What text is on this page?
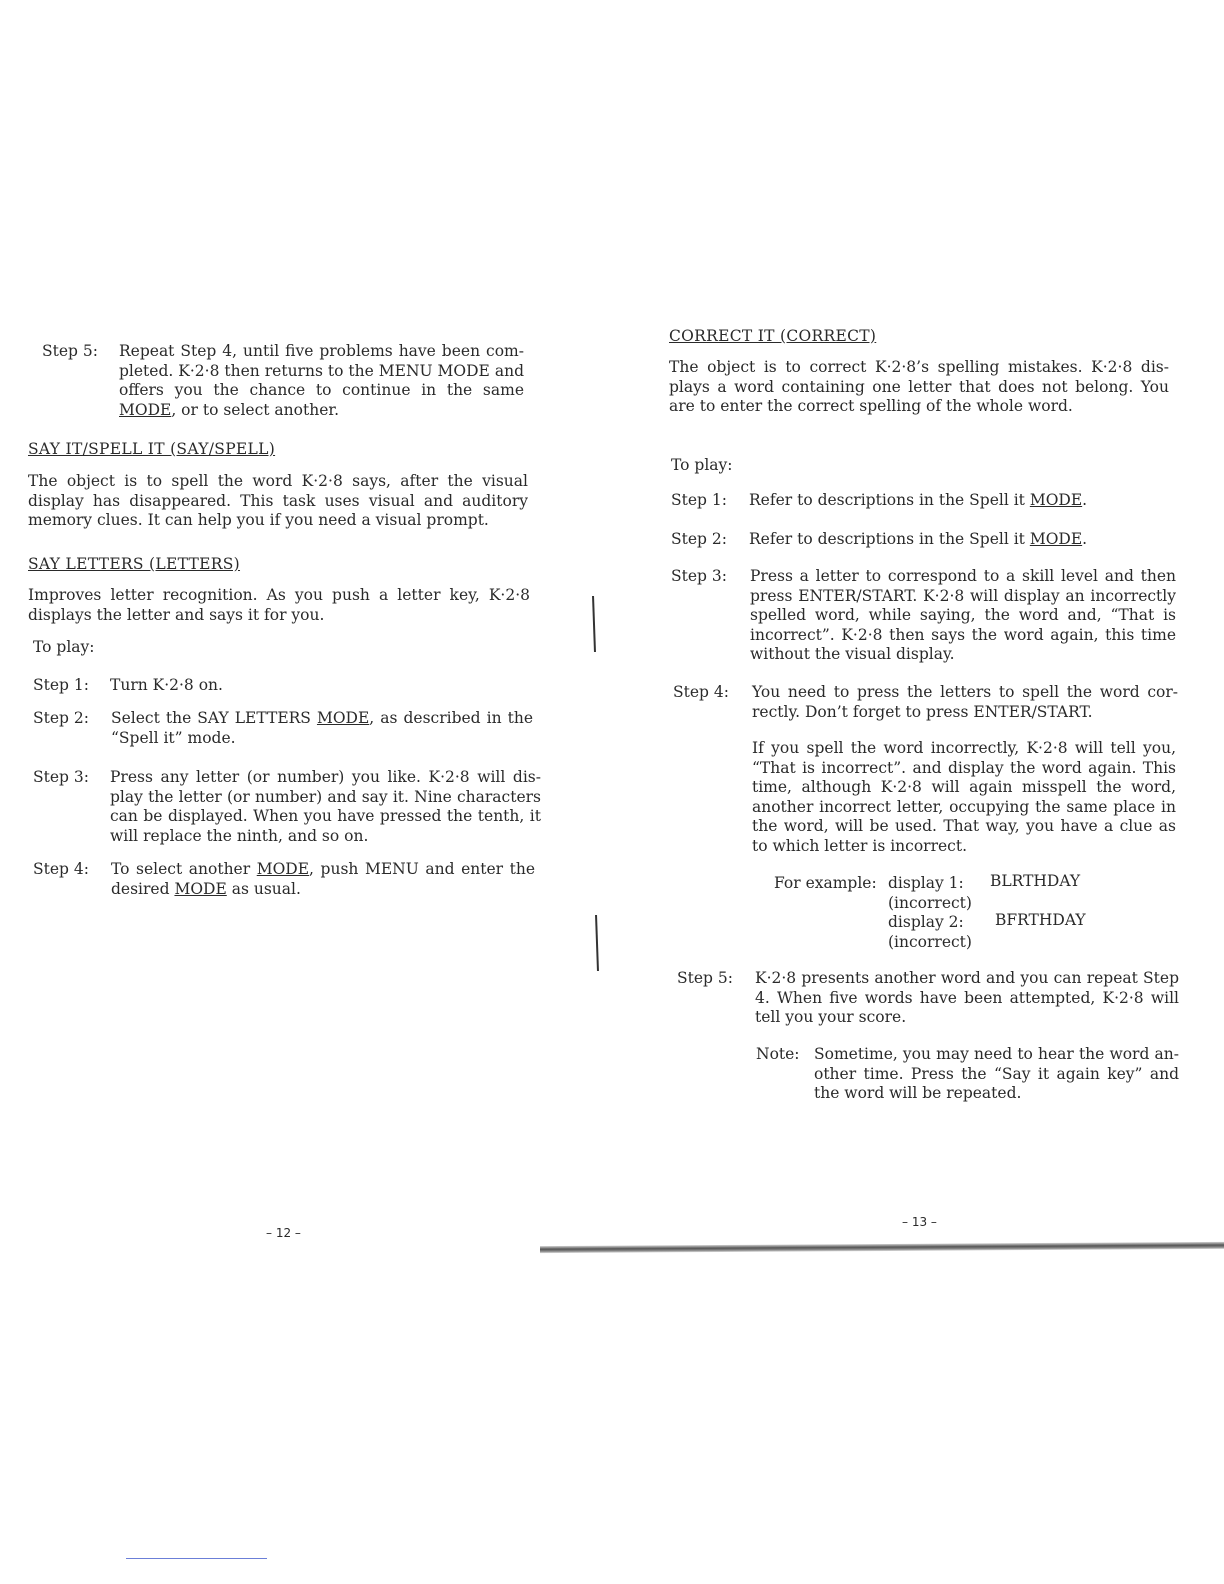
Step 5:	Repeat Step 4, until five problems have been completed. K·2·8 then returns to the MENU MODE and offers you the chance to continue in the same MODE, or to select another.
SAY IT/SPELL IT (SAY/SPELL)
The object is to spell the word K·2·8 says, after the visual display has disappeared. This task uses visual and auditory memory clues. It can help you if you need a visual prompt.
SAY LETTERS (LETTERS)
Improves letter recognition. As you push a letter key, K·2·8 displays the letter and says it for you.
To play:
Step 1:	Turn K·2·8 on.
Step 2:	Select the SAY LETTERS MODE, as described in the “Spell it” mode.
Step 3:	Press any letter (or number) you like. K·2·8 will display the letter (or number) and say it. Nine characters can be displayed. When you have pressed the tenth, it will replace the ninth, and so on.
Step 4:	To select another MODE, push MENU and enter the desired MODE as usual.
– 12 –
CORRECT IT (CORRECT)
The object is to correct K·2·8’s spelling mistakes. K·2·8 displays a word containing one letter that does not belong. You are to enter the correct spelling of the whole word.
To play:
Step 1:	Refer to descriptions in the Spell it MODE.
Step 2:	Refer to descriptions in the Spell it MODE.
Step 3:	Press a letter to correspond to a skill level and then press ENTER/START. K·2·8 will display an incorrectly spelled word, while saying, the word and, “That is incorrect”. K·2·8 then says the word again, this time without the visual display.
Step 4:	You need to press the letters to spell the word correctly. Don’t forget to press ENTER/START.
If you spell the word incorrectly, K·2·8 will tell you, “That is incorrect”. and display the word again. This time, although K·2·8 will again misspell the word, another incorrect letter, occupying the same place in the word, will be used. That way, you have a clue as to which letter is incorrect.
For example: display 1: BLRTHDAY
(incorrect)
display 2: BFRTHDAY
(incorrect)
Step 5:	K·2·8 presents another word and you can repeat Step 4. When five words have been attempted, K·2·8 will tell you your score.
Note: Sometime, you may need to hear the word another time. Press the “Say it again key” and the word will be repeated.
– 13 –
